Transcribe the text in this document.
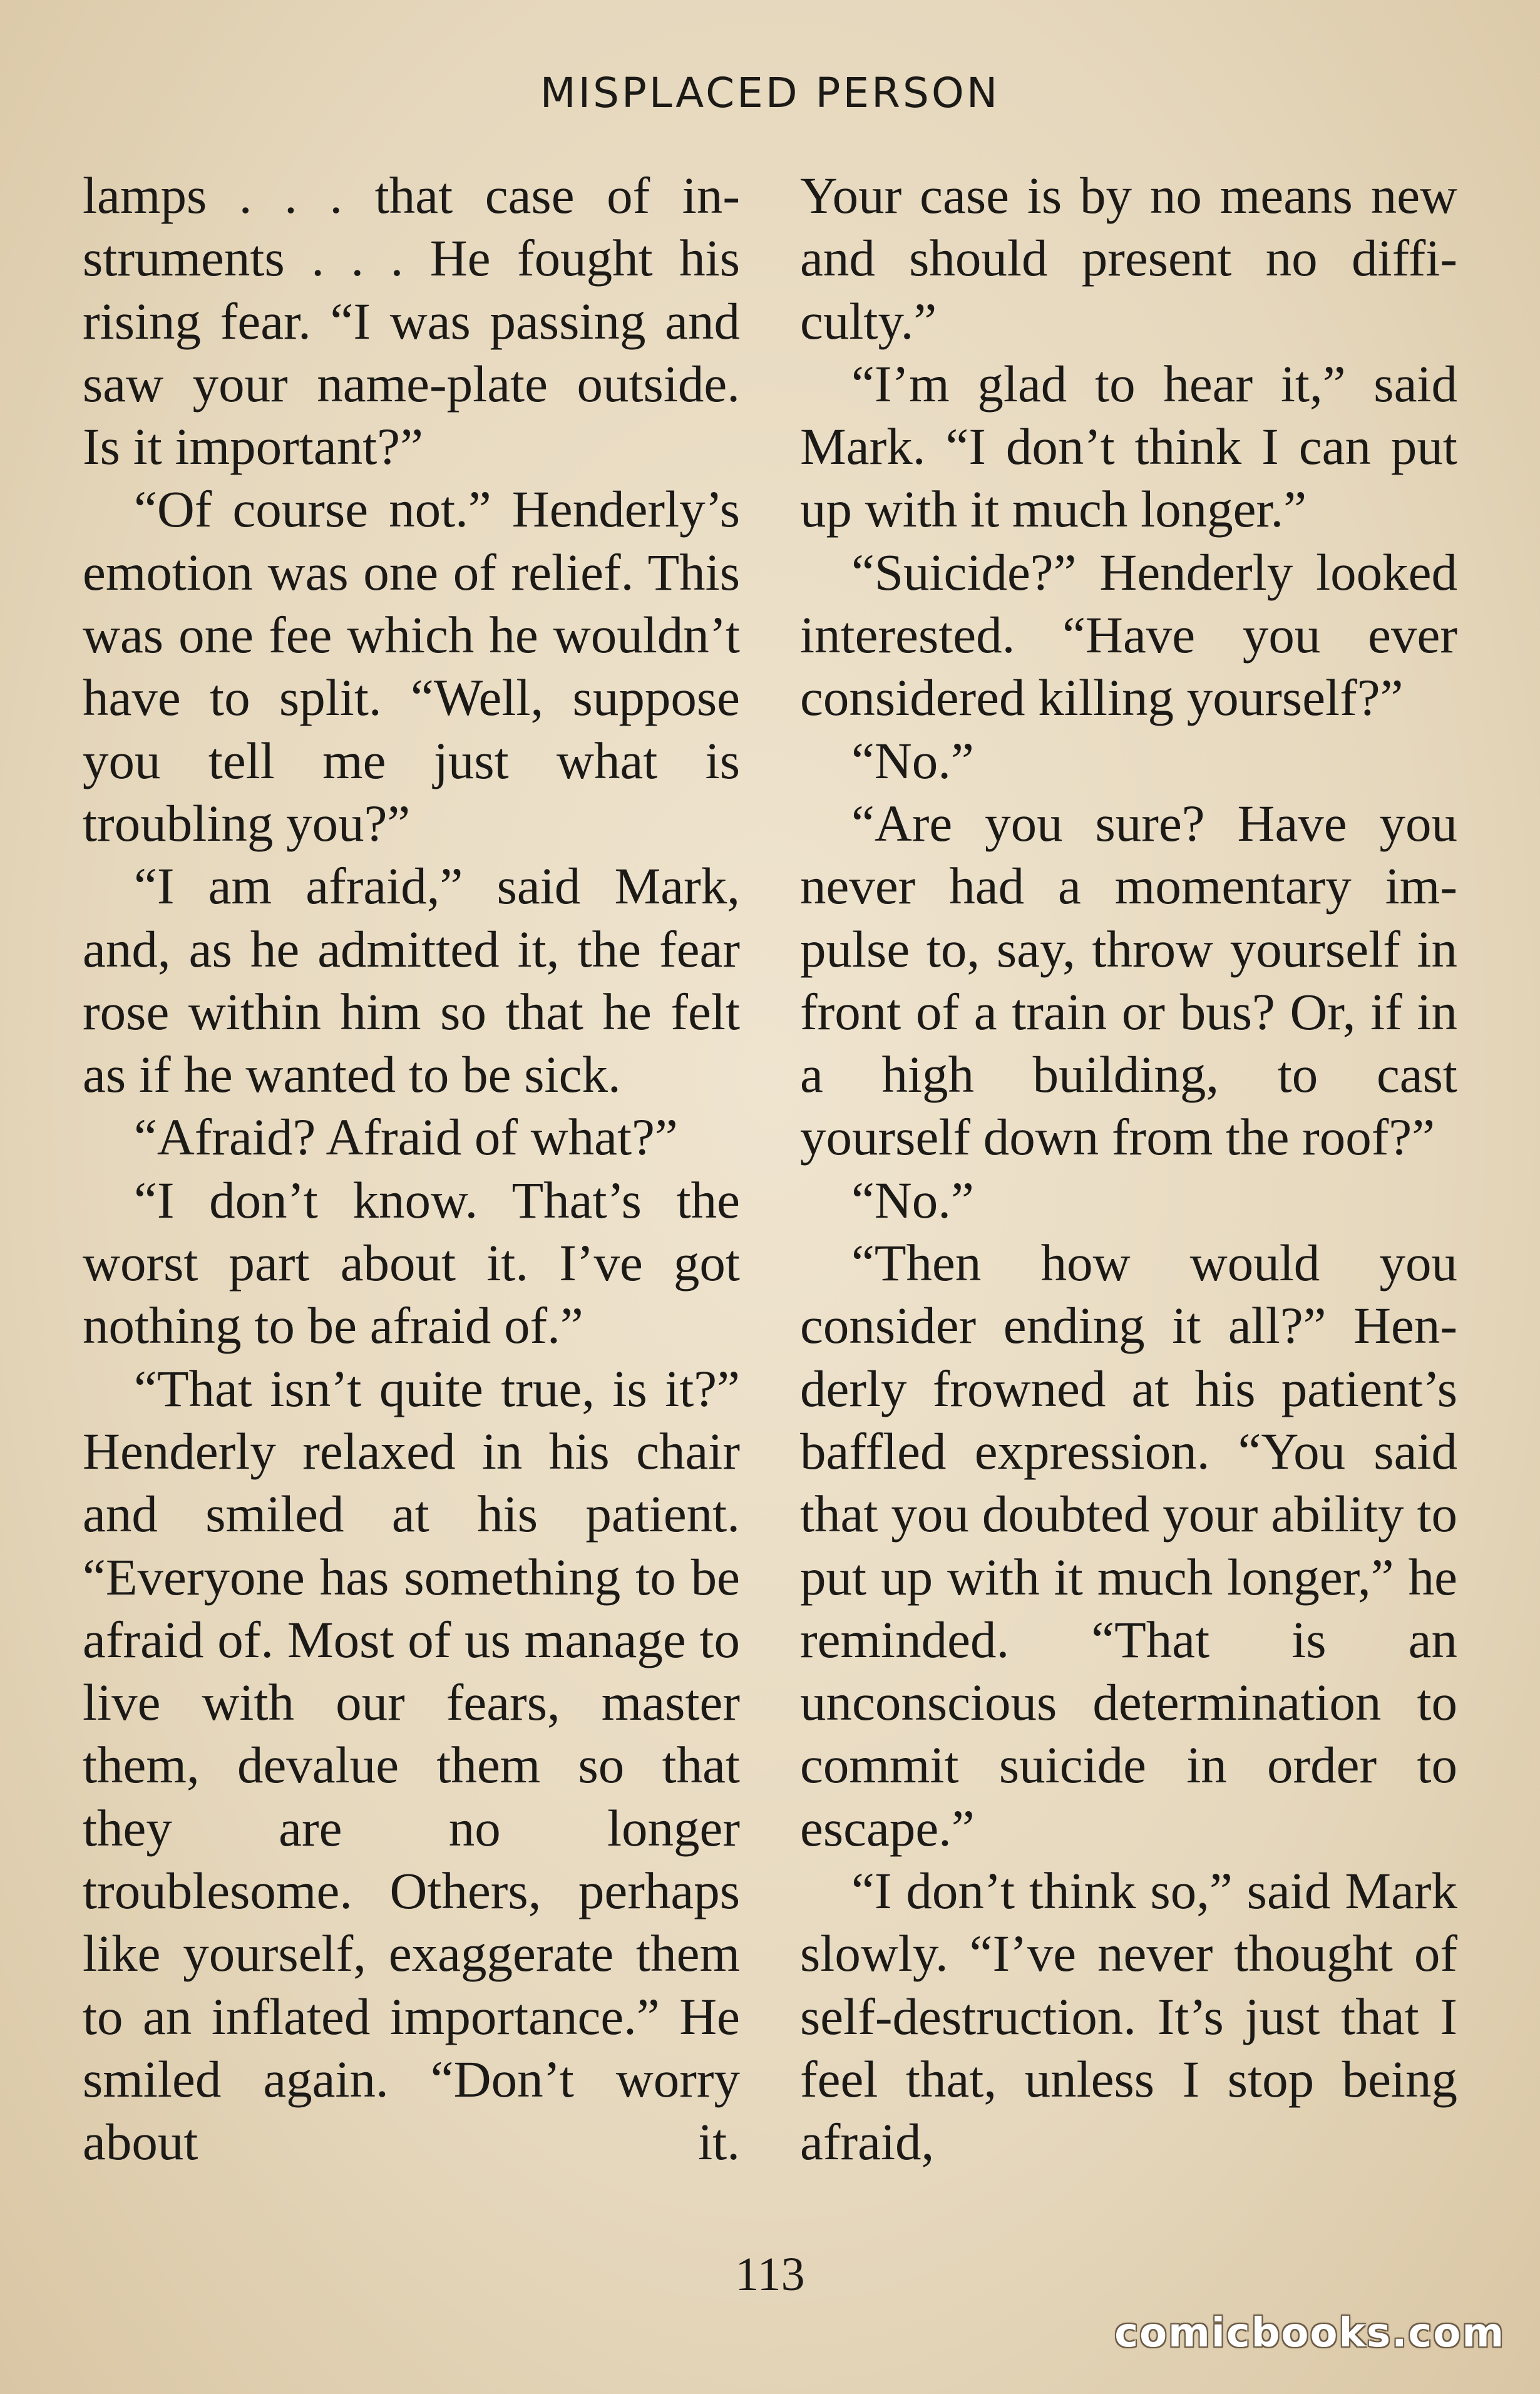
MISPLACED PERSON

lamps . . . that case of instruments . . . He fought his rising fear. “I was passing and saw your name-plate outside. Is it important?”

“Of course not.” Henderly’s emotion was one of relief. This was one fee which he wouldn’t have to split. “Well, suppose you tell me just what is troubling you?”

“I am afraid,” said Mark, and, as he admitted it, the fear rose within him so that he felt as if he wanted to be sick.

“Afraid? Afraid of what?”

“I don’t know. That’s the worst part about it. I’ve got nothing to be afraid of.”

“That isn’t quite true, is it?” Henderly relaxed in his chair and smiled at his patient. “Everyone has something to be afraid of. Most of us manage to live with our fears, master them, devalue them so that they are no longer troublesome. Others, perhaps like yourself, exaggerate them to an inflated importance.” He smiled again. “Don’t worry about it.

Your case is by no means new and should present no difficulty.”

“I’m glad to hear it,” said Mark. “I don’t think I can put up with it much longer.”

“Suicide?” Henderly looked interested. “Have you ever considered killing yourself?”

“No.”

“Are you sure? Have you never had a momentary impulse to, say, throw yourself in front of a train or bus? Or, if in a high building, to cast yourself down from the roof?”

“No.”

“Then how would you consider ending it all?” Henderly frowned at his patient’s baffled expression. “You said that you doubted your ability to put up with it much longer,” he reminded. “That is an unconscious determination to commit suicide in order to escape.”

“I don’t think so,” said Mark slowly. “I’ve never thought of self-destruction. It’s just that I feel that, unless I stop being afraid,

113
comicbooks.com
